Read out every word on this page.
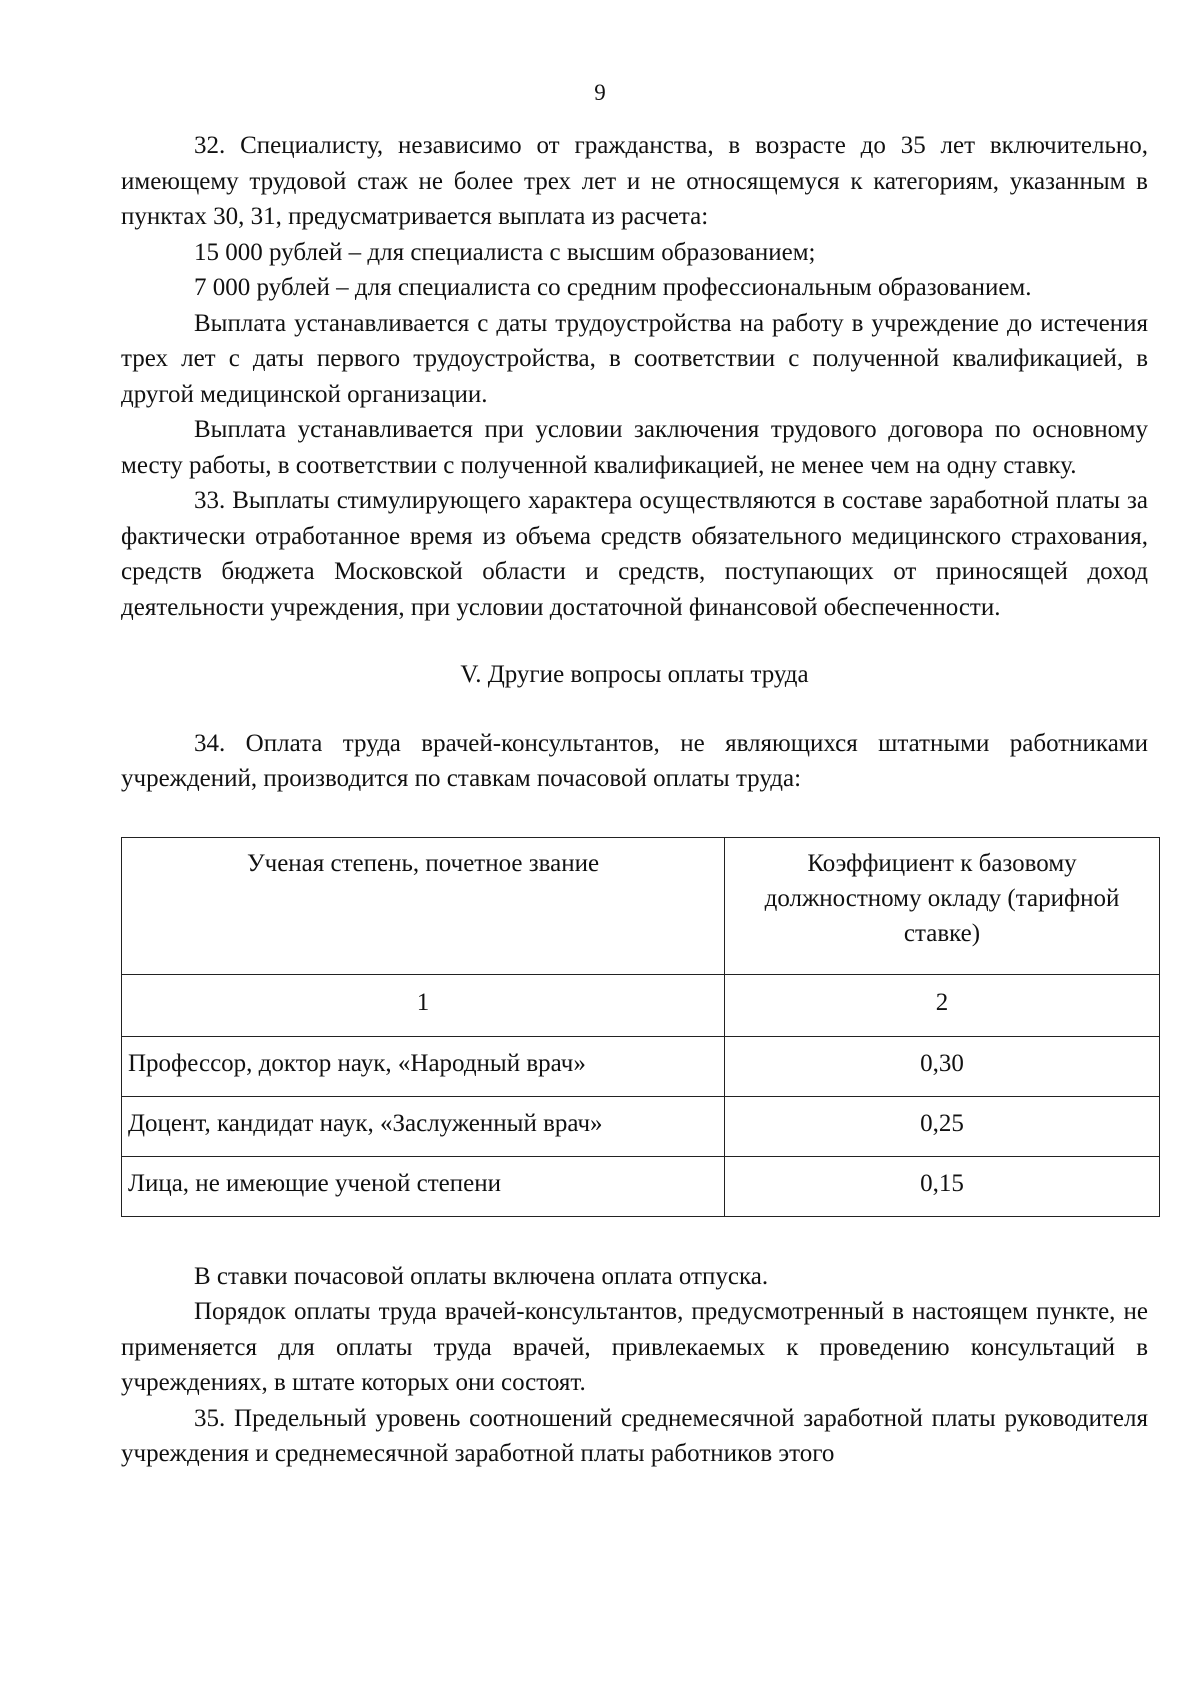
9

32. Специалисту, независимо от гражданства, в возрасте до 35 лет включительно, имеющему трудовой стаж не более трех лет и не относящемуся к категориям, указанным в пунктах 30, 31, предусматривается выплата из расчета:

15 000 рублей – для специалиста с высшим образованием;

7 000 рублей – для специалиста со средним профессиональным образованием.

Выплата устанавливается с даты трудоустройства на работу в учреждение до истечения трех лет с даты первого трудоустройства, в соответствии с полученной квалификацией, в другой медицинской организации.

Выплата устанавливается при условии заключения трудового договора по основному месту работы, в соответствии с полученной квалификацией, не менее чем на одну ставку.

33. Выплаты стимулирующего характера осуществляются в составе заработной платы за фактически отработанное время из объема средств обязательного медицинского страхования, средств бюджета Московской области и средств, поступающих от приносящей доход деятельности учреждения, при условии достаточной финансовой обеспеченности.

V. Другие вопросы оплаты труда

34. Оплата труда врачей-консультантов, не являющихся штатными работниками учреждений, производится по ставкам почасовой оплаты труда:

Ученая степень, почетное звание	Коэффициент к базовому должностному окладу (тарифной ставке)
1	2
Профессор, доктор наук, «Народный врач»	0,30
Доцент, кандидат наук, «Заслуженный врач»	0,25
Лица, не имеющие ученой степени	0,15

В ставки почасовой оплаты включена оплата отпуска.

Порядок оплаты труда врачей-консультантов, предусмотренный в настоящем пункте, не применяется для оплаты труда врачей, привлекаемых к проведению консультаций в учреждениях, в штате которых они состоят.

35. Предельный уровень соотношений среднемесячной заработной платы руководителя учреждения и среднемесячной заработной платы работников этого
